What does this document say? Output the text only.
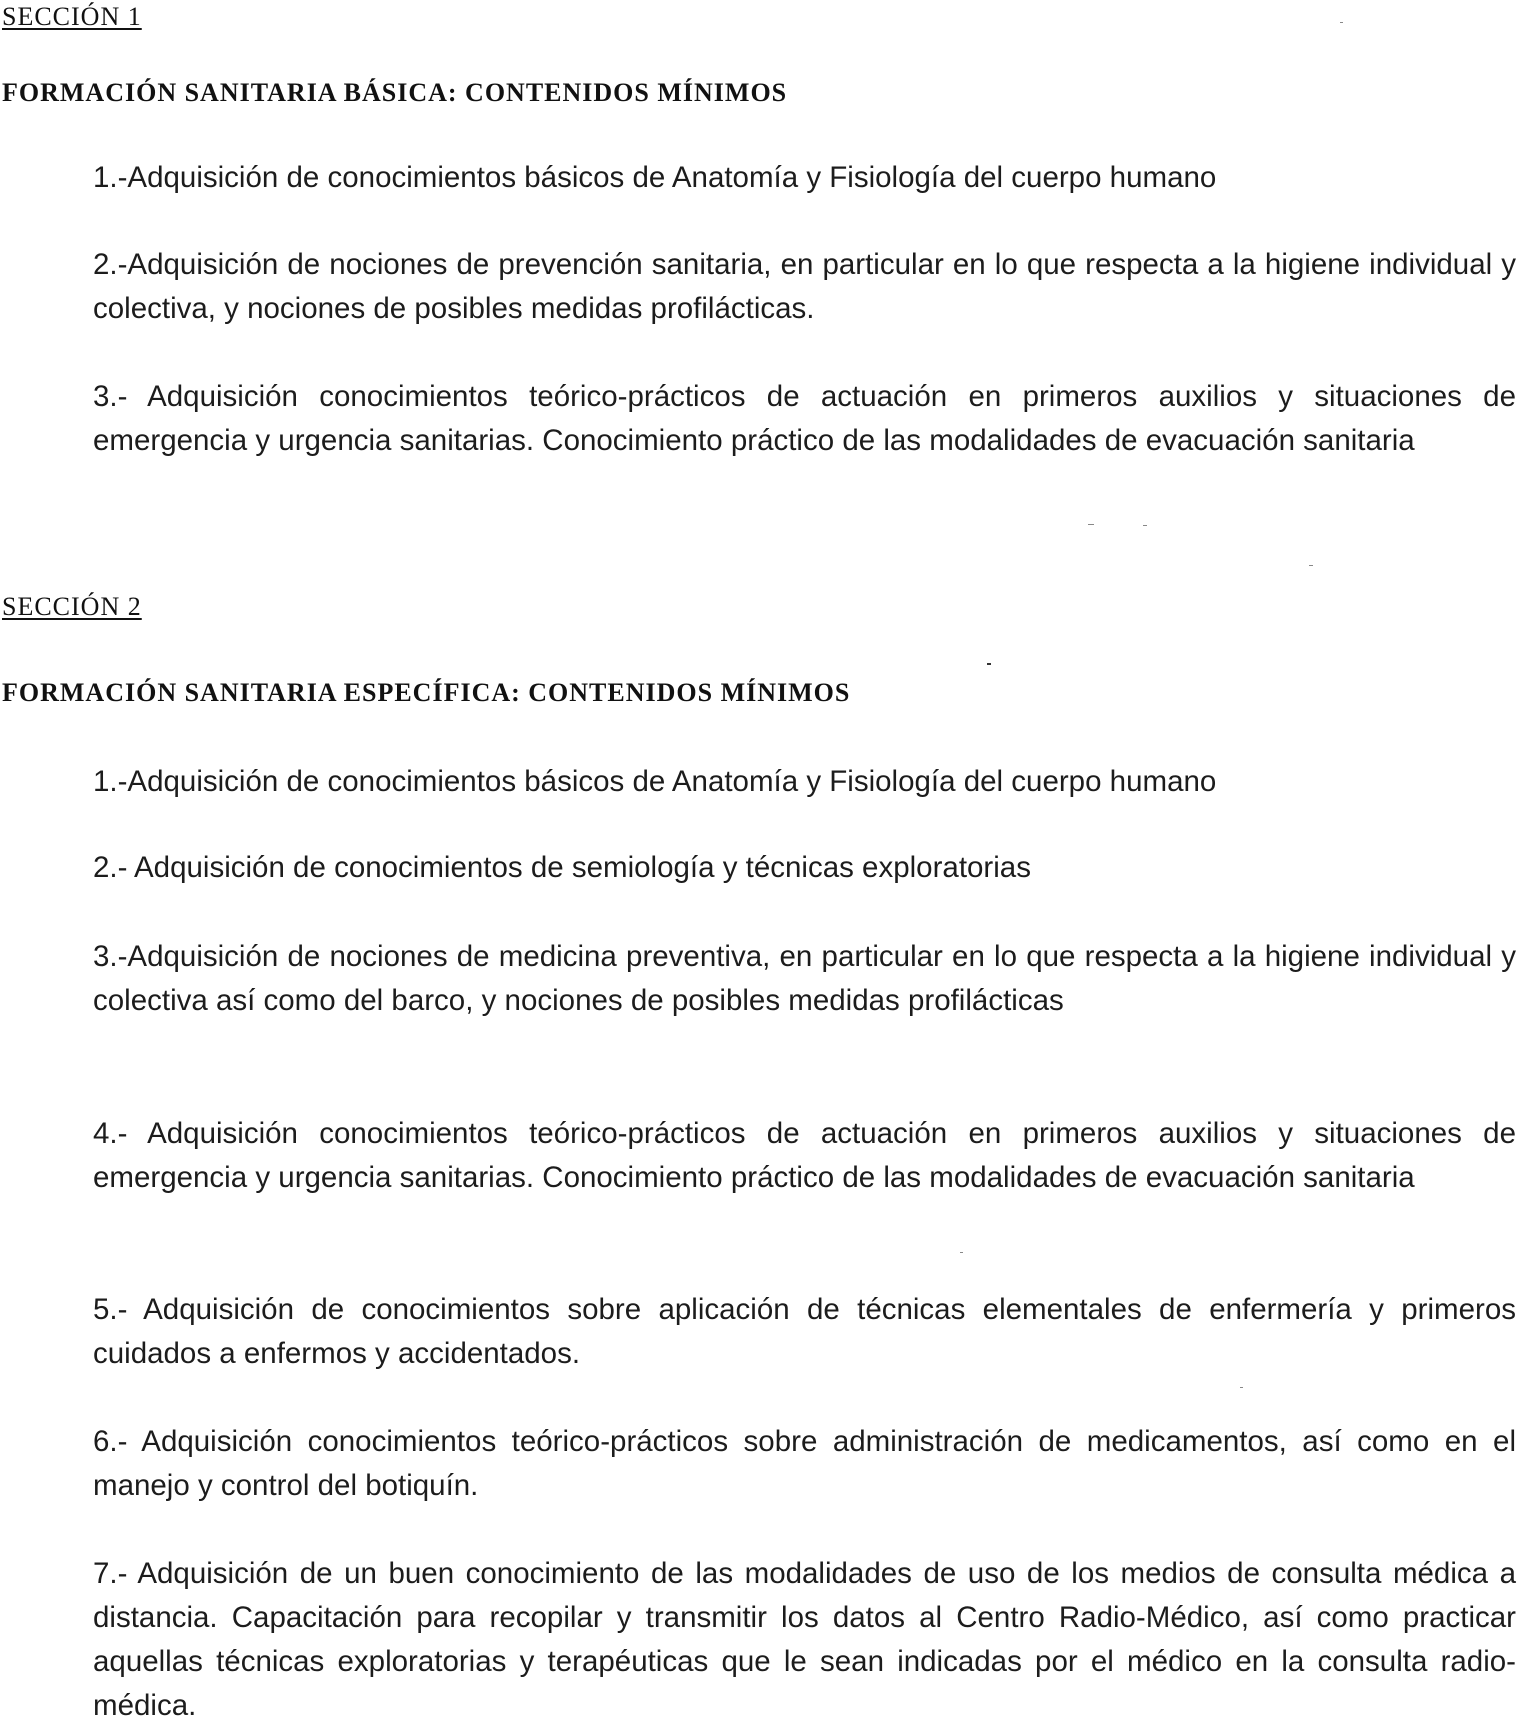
SECCIÓN 1
FORMACIÓN SANITARIA BÁSICA: CONTENIDOS MÍNIMOS

1.-Adquisición de conocimientos básicos de Anatomía y Fisiología del cuerpo humano

2.-Adquisición de nociones de prevención sanitaria, en particular en lo que respecta a la higiene individual y colectiva, y nociones de posibles medidas profilácticas.

3.- Adquisición conocimientos teórico-prácticos de actuación en primeros auxilios y situaciones de emergencia y urgencia sanitarias. Conocimiento práctico de las modalidades de evacuación sanitaria

SECCIÓN 2
FORMACIÓN SANITARIA ESPECÍFICA: CONTENIDOS MÍNIMOS

1.-Adquisición de conocimientos básicos de Anatomía y Fisiología del cuerpo humano

2.- Adquisición de conocimientos de semiología y técnicas exploratorias

3.-Adquisición de nociones de medicina preventiva, en particular en lo que respecta a la higiene individual y colectiva así como del barco, y nociones de posibles medidas profilácticas

4.- Adquisición conocimientos teórico-prácticos de actuación en primeros auxilios y situaciones de emergencia y urgencia sanitarias. Conocimiento práctico de las modalidades de evacuación sanitaria

5.- Adquisición de conocimientos sobre aplicación de técnicas elementales de enfermería y primeros cuidados a enfermos y accidentados.

6.- Adquisición conocimientos teórico-prácticos sobre administración de medicamentos, así como en el manejo y control del botiquín.

7.- Adquisición de un buen conocimiento de las modalidades de uso de los medios de consulta médica a distancia. Capacitación para recopilar y transmitir los datos al Centro Radio-Médico, así como practicar aquellas técnicas exploratorias y terapéuticas que le sean indicadas por el médico en la consulta radio-médica.
